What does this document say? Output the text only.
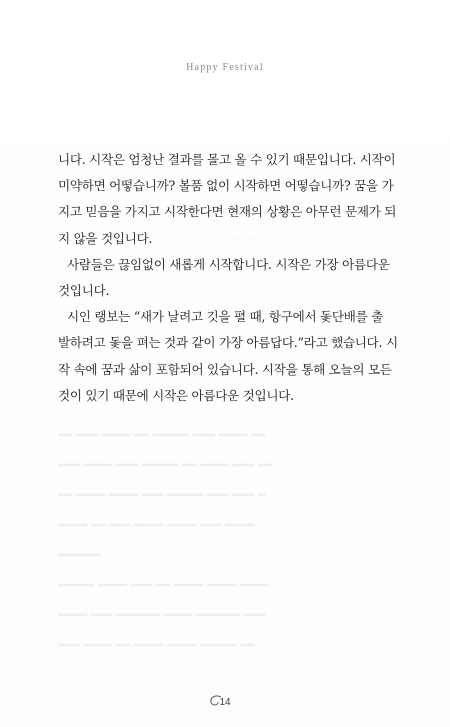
~ ~ ~
━━ ━━━ ━━━━ ━━ ━━━━━ ━━━ ━━━━ ━━
━━━ ━━━━ ━━━ ━━━━━ ━━ ━━━━ ━━━ ━━
━━ ━━━━ ━━━━ ━━━ ━━━━━ ━━━ ━━━ ━
━━━━ ━━ ━━━ ━━━━ ━━━━ ━━━ ━━━━
━━━━━━
━━━━━ ━━━━ ━━━ ━━ ━━━━ ━━━━ ━━━━
━━━━ ━━━ ━━━━━━ ━━━━ ━━━━━━ ━━━
━━━ ━━━━ ━━ ━━━━ ━━━━ ━━━━━ ━━
Happy Festival
니다. 시작은 엄청난 결과를 몰고 올 수 있기 때문입니다. 시작이
미약하면 어떻습니까? 볼품 없이 시작하면 어떻습니까? 꿈을 가
지고 믿음을 가지고 시작한다면 현재의 상황은 아무런 문제가 되
지 않을 것입니다.
사람들은 끊임없이 새롭게 시작합니다. 시작은 가장 아름다운
것입니다.
시인 랭보는 “새가 날려고 깃을 펼 때, 항구에서 돛단배를 출
발하려고 돛을 펴는 것과 같이 가장 아름답다.”라고 했습니다. 시
작 속에 꿈과 삶이 포함되어 있습니다. 시작을 통해 오늘의 모든
것이 있기 때문에 시작은 아름다운 것입니다.
14
